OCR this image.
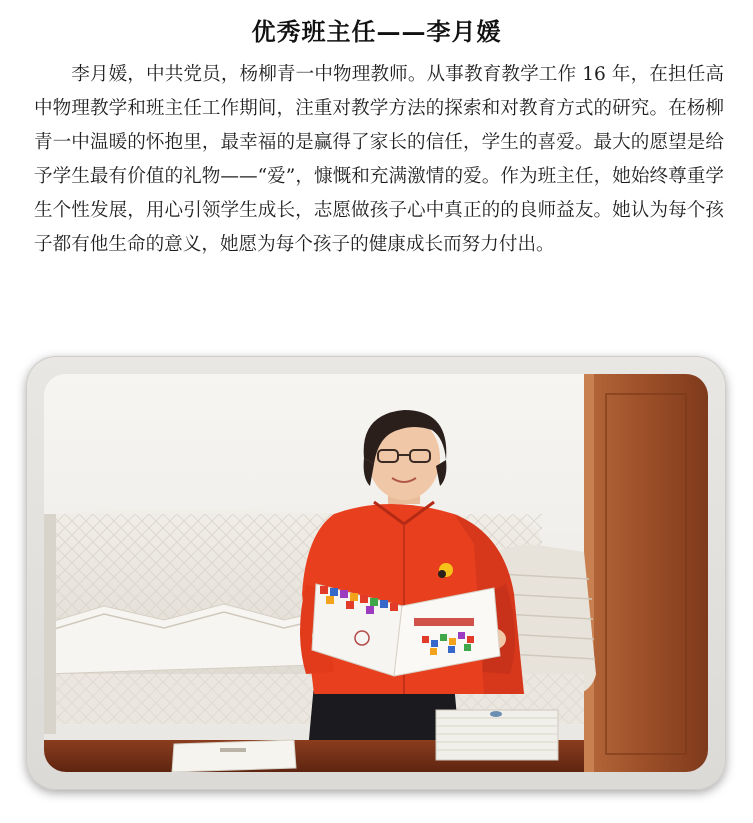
优秀班主任——李月媛

李月媛，中共党员，杨柳青一中物理教师。从事教育教学工作 16 年，在担任高中物理教学和班主任工作期间，注重对教学方法的探索和对教育方式的研究。在杨柳青一中温暖的怀抱里，最幸福的是赢得了家长的信任，学生的喜爱。最大的愿望是给予学生最有价值的礼物——“爱”，慷慨和充满激情的爱。作为班主任，她始终尊重学生个性发展，用心引领学生成长，志愿做孩子心中真正的的良师益友。她认为每个孩子都有他生命的意义，她愿为每个孩子的健康成长而努力付出。
